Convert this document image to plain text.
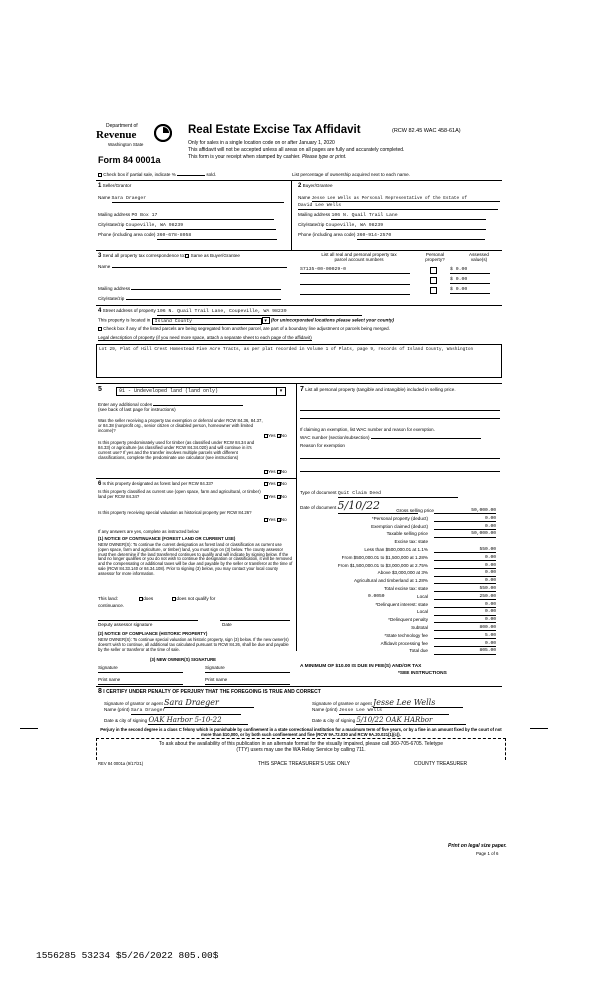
Department of
Revenue
Washington State
Form 84 0001a
Real Estate Excise Tax Affidavit	(RCW 82.45 WAC 458-61A)
Only for sales in a single location code on or after January 1, 2020
This affidavit will not be accepted unless all areas on all pages are fully and accurately completed.
This form is your receipt when stamped by cashier. Please type or print.
Check box if partial sale, indicate %	sold.	List percentage of ownership acquired next to each name.
1 Seller/Grantor
Name Sara Draeger
Mailing address PO Box 17
City/state/zip Coupeville, WA 98239
Phone (including area code) 360-678-8058
2 Buyer/Grantee
Name Jesse Lee Wells as Personal Representative of the Estate of
David Lee Wells
Mailing address 106 N. Quail Trail Lane
City/state/zip Coupeville, WA 98239
Phone (including area code) 360-914-2570
3 Send all property tax correspondence to:✓ Same as Buyer/Grantee
Name
Mailing address
City/state/zip
List all real and personal property tax
parcel account numbers
Personal
property?
Assessed
value(s)
S7135-00-00029-0	$ 0.00
$ 0.00
$ 0.00
4 Street address of property 106 N. Quail Trail Lane, Coupeville, WA 98239
This property is located in Island County	▾ (for unincorporated locations please select your county)
Check box if any of the listed parcels are being segregated from another parcel, are part of a boundary line adjustment or parcels being merged.
Legal description of property (if you need more space, attach a separate sheet to each page of the affidavit)
Lot 29, Plat of Hill Crest Homestead Five Acre Tracts, as per plat recorded in Volume 1 of Plats, page 9, records of Island County, Washington
5	91 - Undeveloped land (land only)	▾
Enter any additional codes
(see back of last page for instructions)
Was the seller receiving a property tax exemption or deferral under RCW 84.36, 84.37, or 84.38 (nonprofit org., senior citizen or disabled person, homeowner with limited income)?
Yes ✓No
Is this property predominately used for timber (as classified under RCW 84.34 and 84.33) or agriculture (as classified under RCW 84.34.020) and will continue in it's current use? If yes and the transfer involves multiple parcels with different classifications, complete the predominate use calculator (see instructions)
Yes ✓No
6 Is this property designated as forest land per RCW 84.33?	Yes ✓No
Is this property classified as current use (open space, farm and agricultural, or timber) land per RCW 84.34?	Yes ✓No
Is this property receiving special valuation as historical property per RCW 84.26?
Yes ✓No
If any answers are yes, complete as instructed below
(1) NOTICE OF CONTINUANCE (FOREST LAND OR CURRENT USE)
NEW OWNER(S): To continue the current designation as forest land or classification as current use (open space, farm and agriculture, or timber) land, you must sign on (3) below. The county assessor must then determine if the land transferred continues to qualify and will indicate by signing below. If the land no longer qualifies or you do not wish to continue the designation or classification, it will be removed and the compensating or additional taxes will be due and payable by the seller or transferor at the time of sale (RCW 84.33.140 or 84.34.108). Prior to signing (3) below, you may contact your local county assessor for more information.
This land:	does	does not qualify for
continuance.
Deputy assessor signature	Date
(2) NOTICE OF COMPLIANCE (HISTORIC PROPERTY)
NEW OWNER(S): To continue special valuation as historic property, sign (3) below. If the new owner(s) doesn't wish to continue, all additional tax calculated pursuant to RCW 84.26, shall be due and payable by the seller or transferor at the time of sale.
(3) NEW OWNER(S) SIGNATURE
Signature	Signature
Print name	Print name
7 List all personal property (tangible and intangible) included in selling price.
If claiming an exemption, list WAC number and reason for exemption.
WAC number (section/subsection)
Reason for exemption
Type of document Quit Claim Deed
Date of document 5/10/22	Gross selling price	50,000.00
*Personal property (deduct)	0.00
Exemption claimed (deduct)	0.00
Taxable selling price	50,000.00
Excise tax: state
Less than $500,000.01 at 1.1%	550.00
From $500,000.01 to $1,500,000 at 1.28%	0.00
From $1,500,000.01 to $3,000,000 at 2.75%	0.00
Above $3,000,000 at 3%	0.00
Agricultural and timberland at 1.28%	0.00
Total excise tax: state	550.00
Local	250.00
0.0050
*Delinquent interest: state	0.00
Local	0.00
*Delinquent penalty	0.00
Subtotal	800.00
*State technology fee	5.00
Affidavit processing fee	0.00
Total due	805.00
A MINIMUM OF $10.00 IS DUE IN FEE(S) AND/OR TAX
*SEE INSTRUCTIONS
8 I CERTIFY UNDER PENALTY OF PERJURY THAT THE FOREGOING IS TRUE AND CORRECT
Signature of grantor or agent Sara Draeger
Name (print) Sara Draeger
Date & city of signing OAK Harbor 5-10-22
Signature of grantee or agent Jesse Lee Wells
Name (print) Jesse Lee Wells
Date & city of signing 5/10/22 OAK HARbor
Perjury in the second degree is a class C felony which is punishable by confinement in a state correctional institution for a maximum term of five years, or by a fine in an amount fixed by the court of not more than $10,000, or by both such confinement and fine (RCW 9A.72.030 and RCW 9A.20.021(1)(c)).
To ask about the availability of this publication in an alternate format for the visually impaired, please call 360-705-6705. Teletype
(TTY) users may use the WA Relay Service by calling 711.
REV 84 0001a (9/17/21)	THIS SPACE TREASURER'S USE ONLY	COUNTY TREASURER
Print on legal size paper.
Page 1 of 6
1556285 53234 $5/26/2022 805.00$
